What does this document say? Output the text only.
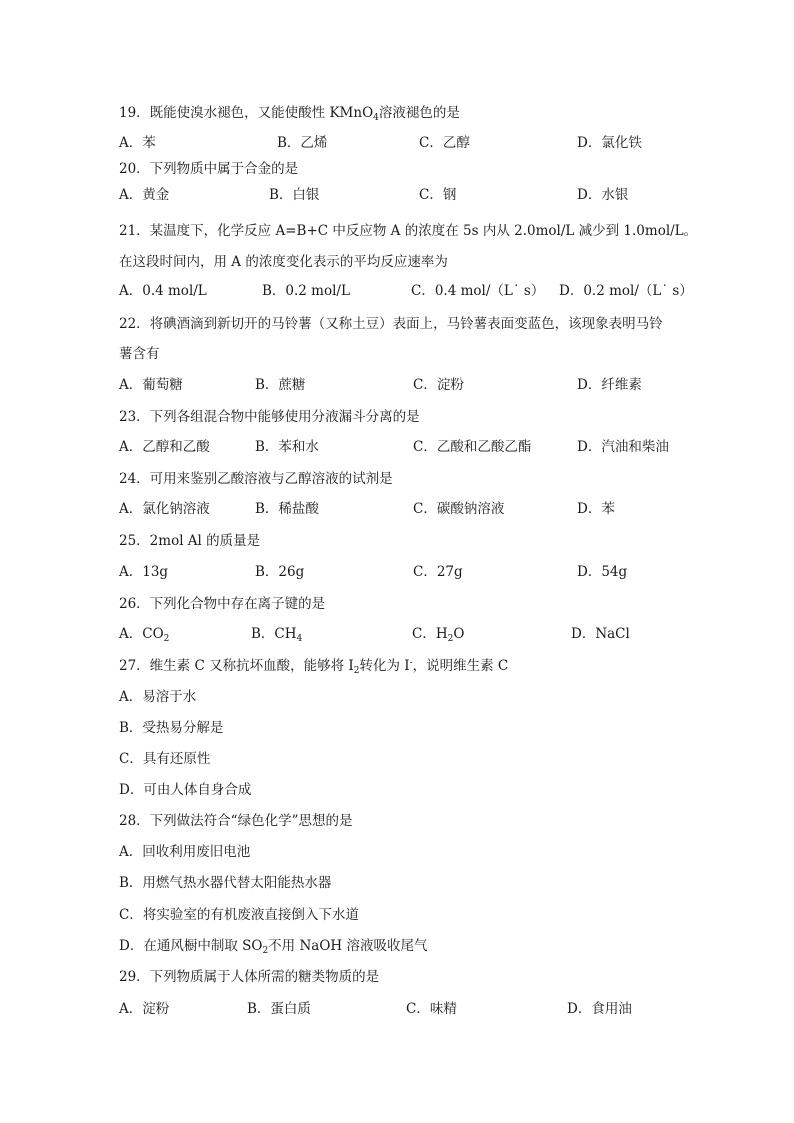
19．既能使溴水褪色，又能使酸性 KMnO$_4$溶液褪色的是
A．苯	B．乙烯	C．乙醇	D．氯化铁
20．下列物质中属于合金的是
A．黄金	B．白银	C．钢	D．水银
21．某温度下，化学反应 A=B+C 中反应物 A 的浓度在 5s 内从 2.0mol/L 减少到 1.0mol/L。
在这段时间内，用 A 的浓度变化表示的平均反应速率为
A．0.4 mol/L	B．0.2 mol/L	C．0.4 mol/（L˙ s） D．0.2 mol/（L˙ s）
22．将碘酒滴到新切开的马铃薯（又称土豆）表面上，马铃薯表面变蓝色，该现象表明马铃
薯含有
A．葡萄糖	B．蔗糖	C．淀粉	D．纤维素
23．下列各组混合物中能够使用分液漏斗分离的是
A．乙醇和乙酸	B．苯和水	C．乙酸和乙酸乙酯	D．汽油和柴油
24．可用来鉴别乙酸溶液与乙醇溶液的试剂是
A．氯化钠溶液	B．稀盐酸	C．碳酸钠溶液	D．苯
25．2mol Al 的质量是
A．13g	B．26g	C．27g	D．54g
26．下列化合物中存在离子键的是
A．$CO_2$	B．$CH_4$	C．$H_2O$	D．NaCl
27．维生素 C 又称抗坏血酸，能够将 $I_2$转化为 I-，说明维生素 C
A．易溶于水
B．受热易分解是
C．具有还原性
D．可由人体自身合成
28．下列做法符合“绿色化学”思想的是
A．回收利用废旧电池
B．用燃气热水器代替太阳能热水器
C．将实验室的有机废液直接倒入下水道
D．在通风橱中制取 $SO_2$不用 NaOH 溶液吸收尾气
29．下列物质属于人体所需的糖类物质的是
A．淀粉	B．蛋白质	C．味精	D．食用油
